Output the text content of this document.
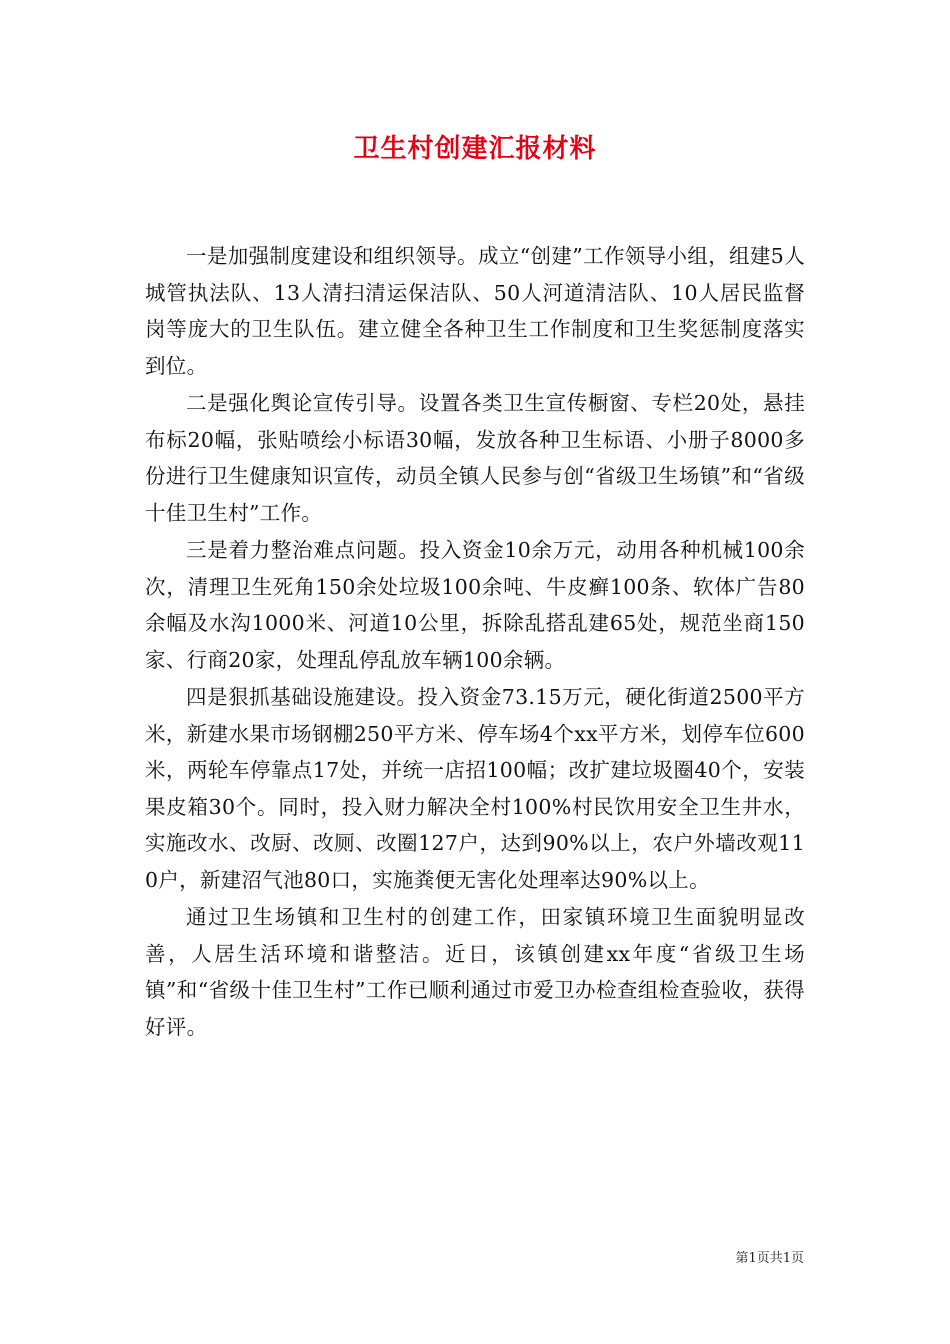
卫生村创建汇报材料

一是加强制度建设和组织领导。成立“创建”工作领导小组，组建5人城管执法队、13人清扫清运保洁队、50人河道清洁队、10人居民监督岗等庞大的卫生队伍。建立健全各种卫生工作制度和卫生奖惩制度落实到位。

二是强化舆论宣传引导。设置各类卫生宣传橱窗、专栏20处，悬挂布标20幅，张贴喷绘小标语30幅，发放各种卫生标语、小册子8000多份进行卫生健康知识宣传，动员全镇人民参与创“省级卫生场镇”和“省级十佳卫生村”工作。

三是着力整治难点问题。投入资金10余万元，动用各种机械100余次，清理卫生死角150余处垃圾100余吨、牛皮癣100条、软体广告80余幅及水沟1000米、河道10公里，拆除乱搭乱建65处，规范坐商150家、行商20家，处理乱停乱放车辆100余辆。

四是狠抓基础设施建设。投入资金73.15万元，硬化街道2500平方米，新建水果市场钢棚250平方米、停车场4个xx平方米，划停车位600米，两轮车停靠点17处，并统一店招100幅；改扩建垃圾圈40个，安装果皮箱30个。同时，投入财力解决全村100%村民饮用安全卫生井水，实施改水、改厨、改厕、改圈127户，达到90%以上，农户外墙改观110户，新建沼气池80口，实施粪便无害化处理率达90%以上。

通过卫生场镇和卫生村的创建工作，田家镇环境卫生面貌明显改善，人居生活环境和谐整洁。近日，该镇创建xx年度“省级卫生场镇”和“省级十佳卫生村”工作已顺利通过市爱卫办检查组检查验收，获得好评。

第1页共1页
